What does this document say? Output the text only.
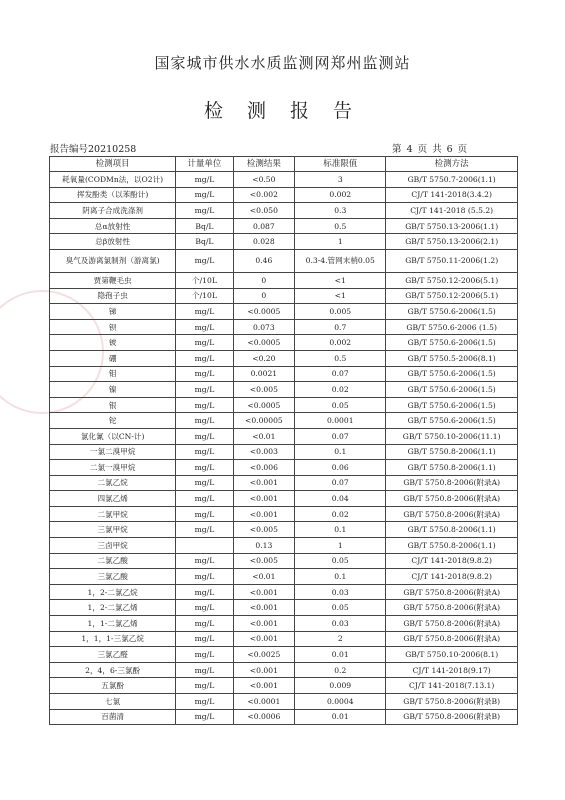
国家城市供水水质监测网郑州监测站
检 测 报 告
报告编号20210258	第 4 页 共 6 页
检测项目	计量单位	检测结果	标准限值	检测方法
耗氧量(CODMn法，以O2计)	mg/L	<0.50	3	GB/T 5750.7-2006(1.1)
挥发酚类（以苯酚计)	mg/L	<0.002	0.002	CJ/T 141-2018(3.4.2)
阴离子合成洗涤剂	mg/L	<0.050	0.3	CJ/T 141-2018 (5.5.2)
总α放射性	Bq/L	0.087	0.5	GB/T 5750.13-2006(1.1)
总β放射性	Bq/L	0.028	1	GB/T 5750.13-2006(2.1)
臭气及游离氯制剂（游离氯)	mg/L	0.46	0.3-4.管网末梢0.05	GB/T 5750.11-2006(1.2)
贾第鞭毛虫	个/10L	0	<1	GB/T 5750.12-2006(5.1)
隐孢子虫	个/10L	0	<1	GB/T 5750.12-2006(5.1)
锑	mg/L	<0.0005	0.005	GB/T 5750.6-2006(1.5)
钡	mg/L	0.073	0.7	GB/T 5750.6-2006 (1.5)
铍	mg/L	<0.0005	0.002	GB/T 5750.6-2006(1.5)
硼	mg/L	<0.20	0.5	GB/T 5750.5-2006(8.1)
钼	mg/L	0.0021	0.07	GB/T 5750.6-2006(1.5)
镍	mg/L	<0.005	0.02	GB/T 5750.6-2006(1.5)
银	mg/L	<0.0005	0.05	GB/T 5750.6-2006(1.5)
铊	mg/L	<0.00005	0.0001	GB/T 5750.6-2006(1.5)
氯化氰（以CN-计)	mg/L	<0.01	0.07	GB/T 5750.10-2006(11.1)
一氯二溴甲烷	mg/L	<0.003	0.1	GB/T 5750.8-2006(1.1)
二氯一溴甲烷	mg/L	<0.006	0.06	GB/T 5750.8-2006(1.1)
二氯乙烷	mg/L	<0.001	0.07	GB/T 5750.8-2006(附录A)
四氯乙烯	mg/L	<0.001	0.04	GB/T 5750.8-2006(附录A)
二氯甲烷	mg/L	<0.001	0.02	GB/T 5750.8-2006(附录A)
三氯甲烷	mg/L	<0.005	0.1	GB/T 5750.8-2006(1.1)
三卤甲烷		0.13	1	GB/T 5750.8-2006(1.1)
二氯乙酸	mg/L	<0.005	0.05	CJ/T 141-2018(9.8.2)
三氯乙酸	mg/L	<0.01	0.1	CJ/T 141-2018(9.8.2)
1，2-二氯乙烷	mg/L	<0.001	0.03	GB/T 5750.8-2006(附录A)
1，2-二氯乙烯	mg/L	<0.001	0.05	GB/T 5750.8-2006(附录A)
1，1-二氯乙烯	mg/L	<0.001	0.03	GB/T 5750.8-2006(附录A)
1，1，1-三氯乙烷	mg/L	<0.001	2	GB/T 5750.8-2006(附录A)
三氯乙醛	mg/L	<0.0025	0.01	GB/T 5750.10-2006(8.1)
2，4，6-三氯酚	mg/L	<0.001	0.2	CJ/T 141-2018(9.17)
五氯酚	mg/L	<0.001	0.009	CJ/T 141-2018(7.13.1)
七氯	mg/L	<0.0001	0.0004	GB/T 5750.8-2006(附录B)
百菌清	mg/L	<0.0006	0.01	GB/T 5750.8-2006(附录B)
